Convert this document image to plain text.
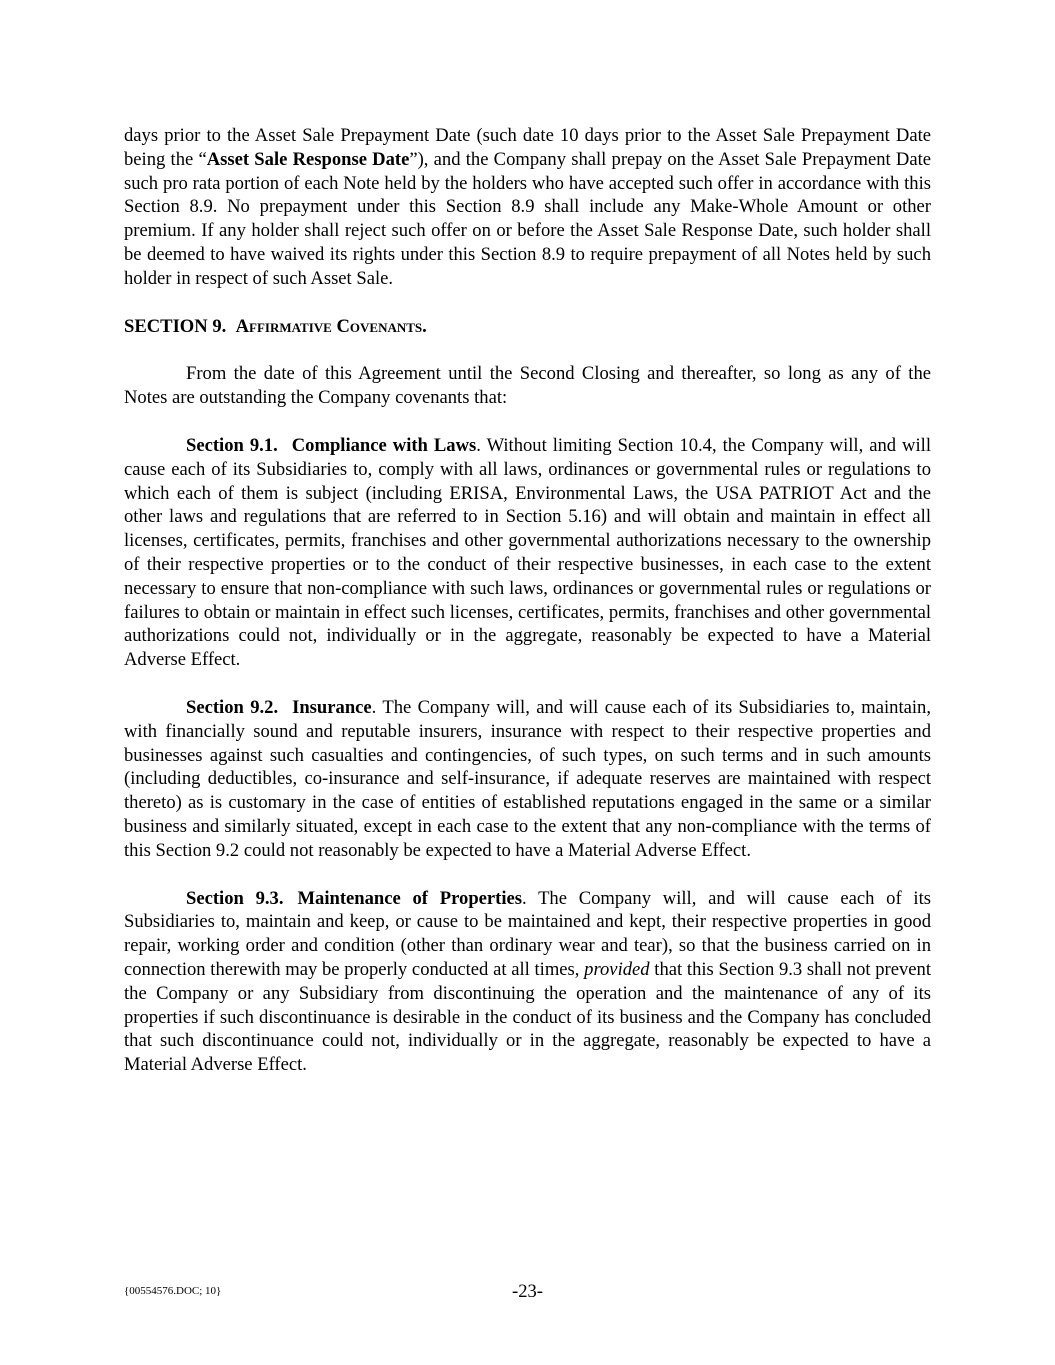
days prior to the Asset Sale Prepayment Date (such date 10 days prior to the Asset Sale Prepayment Date being the “Asset Sale Response Date”), and the Company shall prepay on the Asset Sale Prepayment Date such pro rata portion of each Note held by the holders who have accepted such offer in accordance with this Section 8.9. No prepayment under this Section 8.9 shall include any Make-Whole Amount or other premium. If any holder shall reject such offer on or before the Asset Sale Response Date, such holder shall be deemed to have waived its rights under this Section 8.9 to require prepayment of all Notes held by such holder in respect of such Asset Sale.

SECTION 9. Affirmative Covenants.

From the date of this Agreement until the Second Closing and thereafter, so long as any of the Notes are outstanding the Company covenants that:

Section 9.1. Compliance with Laws. Without limiting Section 10.4, the Company will, and will cause each of its Subsidiaries to, comply with all laws, ordinances or governmental rules or regulations to which each of them is subject (including ERISA, Environmental Laws, the USA PATRIOT Act and the other laws and regulations that are referred to in Section 5.16) and will obtain and maintain in effect all licenses, certificates, permits, franchises and other governmental authorizations necessary to the ownership of their respective properties or to the conduct of their respective businesses, in each case to the extent necessary to ensure that non-compliance with such laws, ordinances or governmental rules or regulations or failures to obtain or maintain in effect such licenses, certificates, permits, franchises and other governmental authorizations could not, individually or in the aggregate, reasonably be expected to have a Material Adverse Effect.

Section 9.2. Insurance. The Company will, and will cause each of its Subsidiaries to, maintain, with financially sound and reputable insurers, insurance with respect to their respective properties and businesses against such casualties and contingencies, of such types, on such terms and in such amounts (including deductibles, co-insurance and self-insurance, if adequate reserves are maintained with respect thereto) as is customary in the case of entities of established reputations engaged in the same or a similar business and similarly situated, except in each case to the extent that any non-compliance with the terms of this Section 9.2 could not reasonably be expected to have a Material Adverse Effect.

Section 9.3. Maintenance of Properties. The Company will, and will cause each of its Subsidiaries to, maintain and keep, or cause to be maintained and kept, their respective properties in good repair, working order and condition (other than ordinary wear and tear), so that the business carried on in connection therewith may be properly conducted at all times, provided that this Section 9.3 shall not prevent the Company or any Subsidiary from discontinuing the operation and the maintenance of any of its properties if such discontinuance is desirable in the conduct of its business and the Company has concluded that such discontinuance could not, individually or in the aggregate, reasonably be expected to have a Material Adverse Effect.

{00554576.DOC; 10}	-23-
